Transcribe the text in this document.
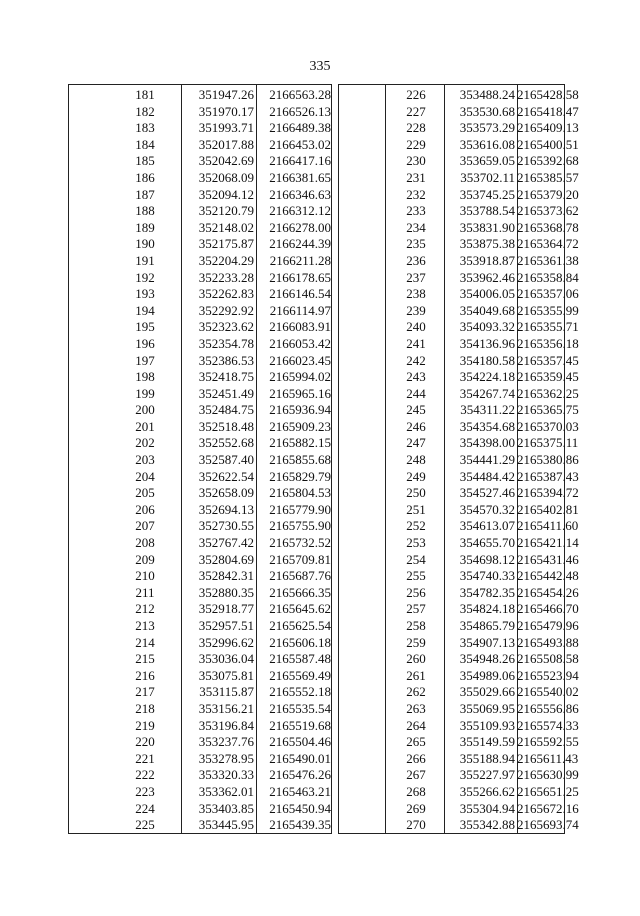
335
181	351947.26	2166563.28
182	351970.17	2166526.13
183	351993.71	2166489.38
184	352017.88	2166453.02
185	352042.69	2166417.16
186	352068.09	2166381.65
187	352094.12	2166346.63
188	352120.79	2166312.12
189	352148.02	2166278.00
190	352175.87	2166244.39
191	352204.29	2166211.28
192	352233.28	2166178.65
193	352262.83	2166146.54
194	352292.92	2166114.97
195	352323.62	2166083.91
196	352354.78	2166053.42
197	352386.53	2166023.45
198	352418.75	2165994.02
199	352451.49	2165965.16
200	352484.75	2165936.94
201	352518.48	2165909.23
202	352552.68	2165882.15
203	352587.40	2165855.68
204	352622.54	2165829.79
205	352658.09	2165804.53
206	352694.13	2165779.90
207	352730.55	2165755.90
208	352767.42	2165732.52
209	352804.69	2165709.81
210	352842.31	2165687.76
211	352880.35	2165666.35
212	352918.77	2165645.62
213	352957.51	2165625.54
214	352996.62	2165606.18
215	353036.04	2165587.48
216	353075.81	2165569.49
217	353115.87	2165552.18
218	353156.21	2165535.54
219	353196.84	2165519.68
220	353237.76	2165504.46
221	353278.95	2165490.01
222	353320.33	2165476.26
223	353362.01	2165463.21
224	353403.85	2165450.94
225	353445.95	2165439.35
226	353488.24 2165428.58
227	353530.68 2165418.47
228	353573.29 2165409.13
229	353616.08 2165400.51
230	353659.05 2165392.68
231	353702.11 2165385.57
232	353745.25 2165379.20
233	353788.54 2165373.62
234	353831.90 2165368.78
235	353875.38 2165364.72
236	353918.87 2165361.38
237	353962.46 2165358.84
238	354006.05 2165357.06
239	354049.68 2165355.99
240	354093.32 2165355.71
241	354136.96 2165356.18
242	354180.58 2165357.45
243	354224.18 2165359.45
244	354267.74 2165362.25
245	354311.22 2165365.75
246	354354.68 2165370.03
247	354398.00 2165375.11
248	354441.29 2165380.86
249	354484.42 2165387.43
250	354527.46 2165394.72
251	354570.32 2165402.81
252	354613.07 2165411.60
253	354655.70 2165421.14
254	354698.12 2165431.46
255	354740.33 2165442.48
256	354782.35 2165454.26
257	354824.18 2165466.70
258	354865.79 2165479.96
259	354907.13 2165493.88
260	354948.26 2165508.58
261	354989.06 2165523.94
262	355029.66 2165540.02
263	355069.95 2165556.86
264	355109.93 2165574.33
265	355149.59 2165592.55
266	355188.94 2165611.43
267	355227.97 2165630.99
268	355266.62 2165651.25
269	355304.94 2165672.16
270	355342.88 2165693.74
